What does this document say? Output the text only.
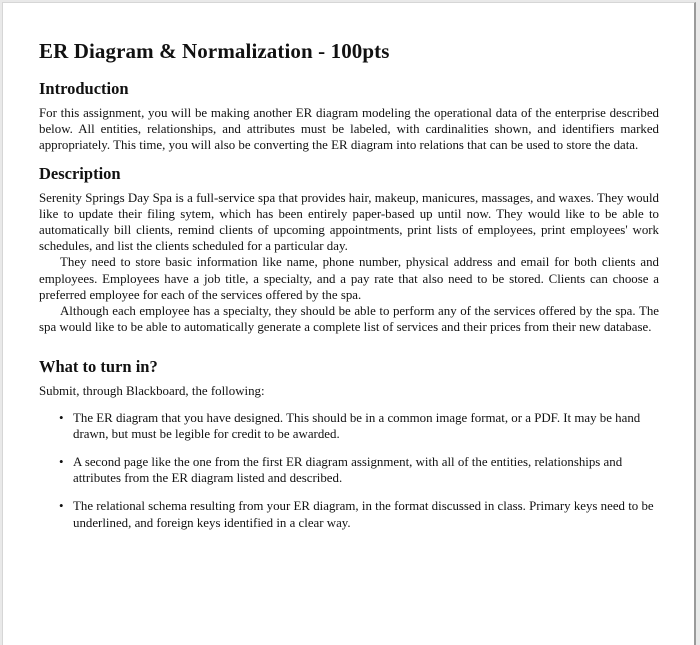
ER Diagram & Normalization - 100pts
Introduction

For this assignment, you will be making another ER diagram modeling the operational data of the enterprise described below. All entities, relationships, and attributes must be labeled, with cardinalities shown, and identifiers marked appropriately. This time, you will also be converting the ER diagram into relations that can be used to store the data.

Description

Serenity Springs Day Spa is a full-service spa that provides hair, makeup, manicures, massages, and waxes. They would like to update their filing sytem, which has been entirely paper-based up until now. They would like to be able to automatically bill clients, remind clients of upcoming appointments, print lists of employees, print employees' work schedules, and list the clients scheduled for a particular day.

They need to store basic information like name, phone number, physical address and email for both clients and employees. Employees have a job title, a specialty, and a pay rate that also need to be stored. Clients can choose a preferred employee for each of the services offered by the spa.

Although each employee has a specialty, they should be able to perform any of the services offered by the spa. The spa would like to be able to automatically generate a complete list of services and their prices from their new database.

What to turn in?

Submit, through Blackboard, the following:

• The ER diagram that you have designed. This should be in a common image format, or a PDF. It may be hand drawn, but must be legible for credit to be awarded.
• A second page like the one from the first ER diagram assignment, with all of the entities, relationships and attributes from the ER diagram listed and described.
• The relational schema resulting from your ER diagram, in the format discussed in class. Primary keys need to be underlined, and foreign keys identified in a clear way.
